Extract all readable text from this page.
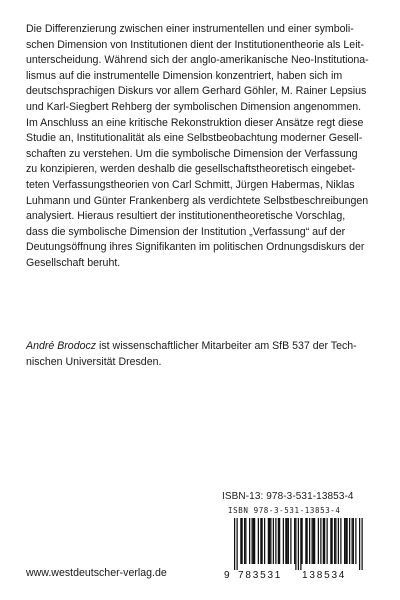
Die Differenzierung zwischen einer instrumentellen und einer symboli-

schen Dimension von Institutionen dient der Institutionentheorie als Leit-

unterscheidung. Während sich der anglo-amerikanische Neo-Institutiona-

lismus auf die instrumentelle Dimension konzentriert, haben sich im

deutschsprachigen Diskurs vor allem Gerhard Göhler, M. Rainer Lepsius

und Karl-Siegbert Rehberg der symbolischen Dimension angenommen.

Im Anschluss an eine kritische Rekonstruktion dieser Ansätze regt diese

Studie an, Institutionalität als eine Selbstbeobachtung moderner Gesell-

schaften zu verstehen. Um die symbolische Dimension der Verfassung

zu konzipieren, werden deshalb die gesellschaftstheoretisch eingebet-

teten Verfassungstheorien von Carl Schmitt, Jürgen Habermas, Niklas

Luhmann und Günter Frankenberg als verdichtete Selbstbeschreibungen

analysiert. Hieraus resultiert der institutionentheoretische Vorschlag,

dass die symbolische Dimension der Institution „Verfassung“ auf der

Deutungsöffnung ihres Signifikanten im politischen Ordnungsdiskurs der

Gesellschaft beruht.

André Brodocz ist wissenschaftlicher Mitarbeiter am SfB 537 der Tech-
nischen Universität Dresden.
ISBN-13: 978-3-531-13853-4
ISBN 978-3-531-13853-4
9 783531 138534
www.westdeutscher-verlag.de
